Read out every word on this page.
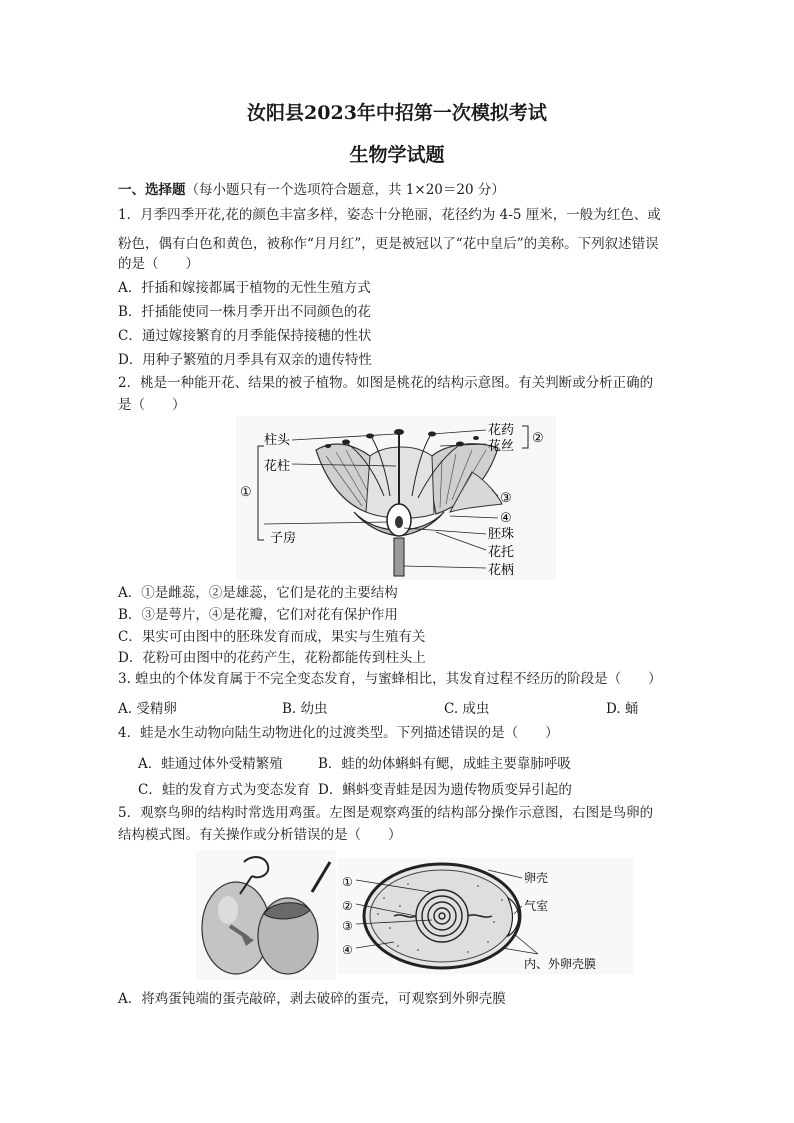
汝阳县2023年中招第一次模拟考试
生物学试题
一、选择题（每小题只有一个选项符合题意，共 1×20＝20 分）
1．月季四季开花,花的颜色丰富多样，姿态十分艳丽，花径约为 4-5 厘米，一般为红色、或
粉色，偶有白色和黄色，被称作“月月红”，更是被冠以了“花中皇后”的美称。下列叙述错误
的是（　　）
A．扦插和嫁接都属于植物的无性生殖方式
B．扦插能使同一株月季开出不同颜色的花
C．通过嫁接繁育的月季能保持接穗的性状
D．用种子繁殖的月季具有双亲的遗传特性
2．桃是一种能开花、结果的被子植物。如图是桃花的结构示意图。有关判断或分析正确的
是（　　）
柱头
花柱
子房
①
花药
花丝
②
③
④
胚珠
花托
花柄
A．①是雌蕊，②是雄蕊，它们是花的主要结构
B．③是萼片，④是花瓣，它们对花有保护作用
C．果实可由图中的胚珠发育而成，果实与生殖有关
D．花粉可由图中的花药产生，花粉都能传到柱头上
3. 蝗虫的个体发育属于不完全变态发育，与蜜蜂相比，其发育过程不经历的阶段是（　　）
A. 受精卵	B. 幼虫	C. 成虫	D. 蛹
4．蛙是水生动物向陆生动物进化的过渡类型。下列描述错误的是（　　）
A．蛙通过体外受精繁殖	B．蛙的幼体蝌蚪有鳃，成蛙主要靠肺呼吸
C．蛙的发育方式为变态发育 D．蝌蚪变青蛙是因为遗传物质变异引起的
5．观察鸟卵的结构时常选用鸡蛋。左图是观察鸡蛋的结构部分操作示意图，右图是鸟卵的
结构模式图。有关操作或分析错误的是（　　）
①
②
③
④
卵壳
气室
内、外卵壳膜
A．将鸡蛋钝端的蛋壳敲碎，剥去破碎的蛋壳，可观察到外卵壳膜
